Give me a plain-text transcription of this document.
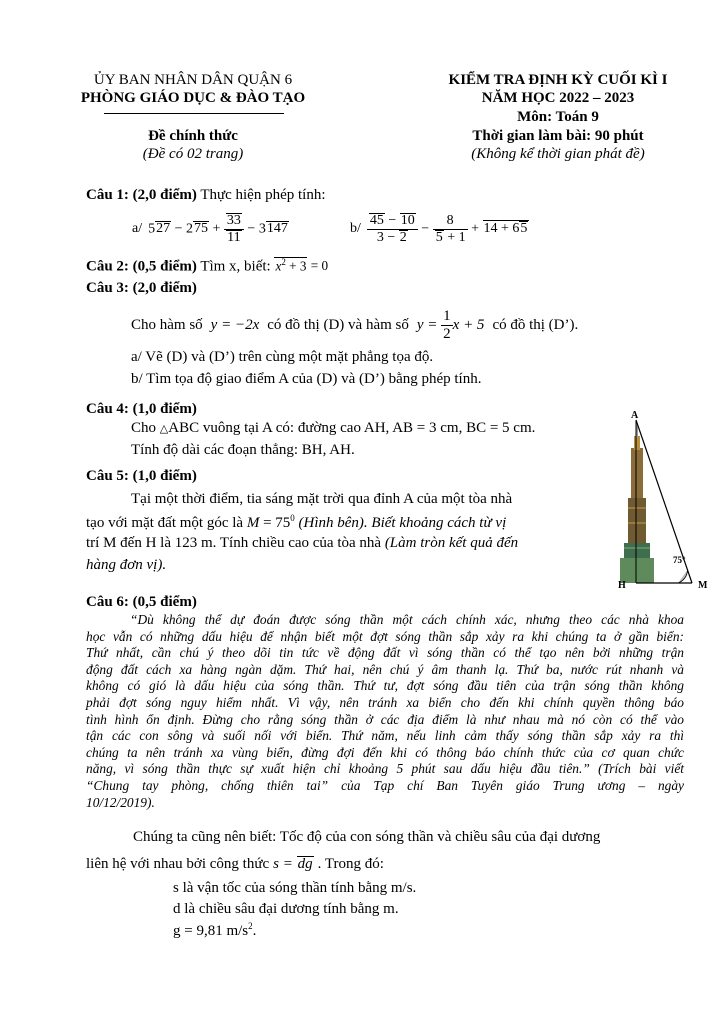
ỦY BAN NHÂN DÂN QUẬN 6
PHÒNG GIÁO DỤC & ĐÀO TẠO
Đề chính thức
(Đề có 02 trang)
KIỂM TRA ĐỊNH KỲ CUỐI KÌ I
NĂM HỌC 2022 – 2023
Môn: Toán 9
Thời gian làm bài: 90 phút
(Không kể thời gian phát đề)
Câu 1: (2,0 điểm) Thực hiện phép tính:
a/ $527 - 275 + \frac{33}{11} - 3147$	$b/ \frac{45 - 10}{3 - 2} - \frac{8}{5 + 1} + 14 + 65$
Câu 2: (0,5 điểm) Tìm x, biết: $x^2 + 3 = 0$
Câu 3: (2,0 điểm)
Cho hàm số y = −2x có đồ thị (D) và hàm số $y = \frac{1}{2}$ x + 5 có đồ thị (D’).
a/ Vẽ (D) và (D’) trên cùng một mặt phẳng tọa độ.
b/ Tìm tọa độ giao điểm A của (D) và (D’) bằng phép tính.
Câu 4: (1,0 điểm)
Cho △ABC vuông tại A có: đường cao AH, AB = 3 cm, BC = 5 cm.
Tính độ dài các đoạn thẳng: BH, AH.
Câu 5: (1,0 điểm)
Tại một thời điểm, tia sáng mặt trời qua đỉnh A của một tòa nhà
tạo với mặt đất một góc là $M = 75^0$ (Hình bên). Biết khoảng cách từ vị
trí M đến H là 123 m. Tính chiều cao của tòa nhà (Làm tròn kết quả đến
hàng đơn vị).
A
H	M
75°
Câu 6: (0,5 điểm)
“Dù không thể dự đoán được sóng thần một cách chính xác, nhưng theo các nhà khoa
học vẫn có những dấu hiệu để nhận biết một đợt sóng thần sắp xảy ra khi chúng ta ở gần biển:
Thứ nhất, cần chú ý theo dõi tin tức về động đất vì sóng thần có thể tạo nên bởi những trận
động đất cách xa hàng ngàn dặm. Thứ hai, nên chú ý âm thanh lạ. Thứ ba, nước rút nhanh và
không có gió là dấu hiệu của sóng thần. Thứ tư, đợt sóng đầu tiên của trận sóng thần không
phải đợt sóng nguy hiểm nhất. Vì vậy, nên tránh xa biển cho đến khi chính quyền thông báo
tình hình ổn định. Đừng cho rằng sóng thần ở các địa điểm là như nhau mà nó còn có thể vào
tận các con sông và suối nối với biển. Thứ năm, nếu linh cảm thấy sóng thần sắp xảy ra thì
chúng ta nên tránh xa vùng biển, đừng đợi đến khi có thông báo chính thức của cơ quan chức
năng, vì sóng thần thực sự xuất hiện chỉ khoảng 5 phút sau dấu hiệu đầu tiên.” (Trích bài viết
“Chung tay phòng, chống thiên tai” của Tạp chí Ban Tuyên giáo Trung ương – ngày
10/12/2019).
Chúng ta cũng nên biết: Tốc độ của con sóng thần và chiều sâu của đại dương
liên hệ với nhau bởi công thức s = dg . Trong đó:
s là vận tốc của sóng thần tính bằng m/s.
d là chiều sâu đại dương tính bằng m.
g = 9,81 $m/s^2$.
